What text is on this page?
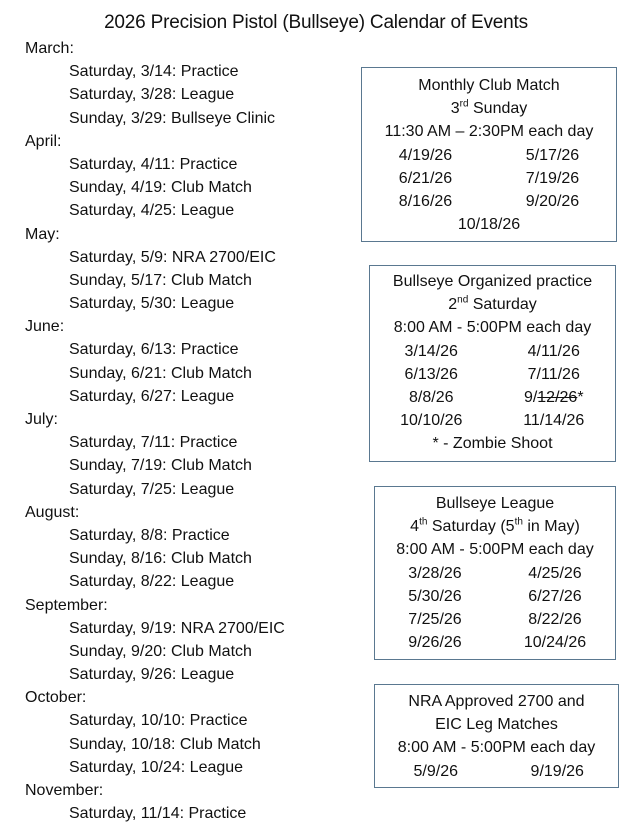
2026 Precision Pistol (Bullseye) Calendar of Events
March:
Saturday, 3/14: Practice
Saturday, 3/28: League
Sunday, 3/29: Bullseye Clinic
April:
Saturday, 4/11: Practice
Sunday, 4/19: Club Match
Saturday, 4/25: League
May:
Saturday, 5/9: NRA 2700/EIC
Sunday, 5/17: Club Match
Saturday, 5/30: League
June:
Saturday, 6/13: Practice
Sunday, 6/21: Club Match
Saturday, 6/27: League
July:
Saturday, 7/11: Practice
Sunday, 7/19: Club Match
Saturday, 7/25: League
August:
Saturday, 8/8: Practice
Sunday, 8/16: Club Match
Saturday, 8/22: League
September:
Saturday, 9/19: NRA 2700/EIC
Sunday, 9/20: Club Match
Saturday, 9/26: League
October:
Saturday, 10/10: Practice
Sunday, 10/18: Club Match
Saturday, 10/24: League
November:
Saturday, 11/14: Practice
Monthly Club Match
3rd Sunday
11:30 AM – 2:30PM each day
4/19/26	5/17/26
6/21/26	7/19/26
8/16/26	9/20/26
10/18/26
Bullseye Organized practice
2nd Saturday
8:00 AM - 5:00PM each day
3/14/26	4/11/26
6/13/26	7/11/26
8/8/26	9/12/26*
10/10/26	11/14/26
* - Zombie Shoot
Bullseye League
4th Saturday (5th in May)
8:00 AM - 5:00PM each day
3/28/26	4/25/26
5/30/26	6/27/26
7/25/26	8/22/26
9/26/26	10/24/26
NRA Approved 2700 and
EIC Leg Matches
8:00 AM - 5:00PM each day
5/9/26	9/19/26
